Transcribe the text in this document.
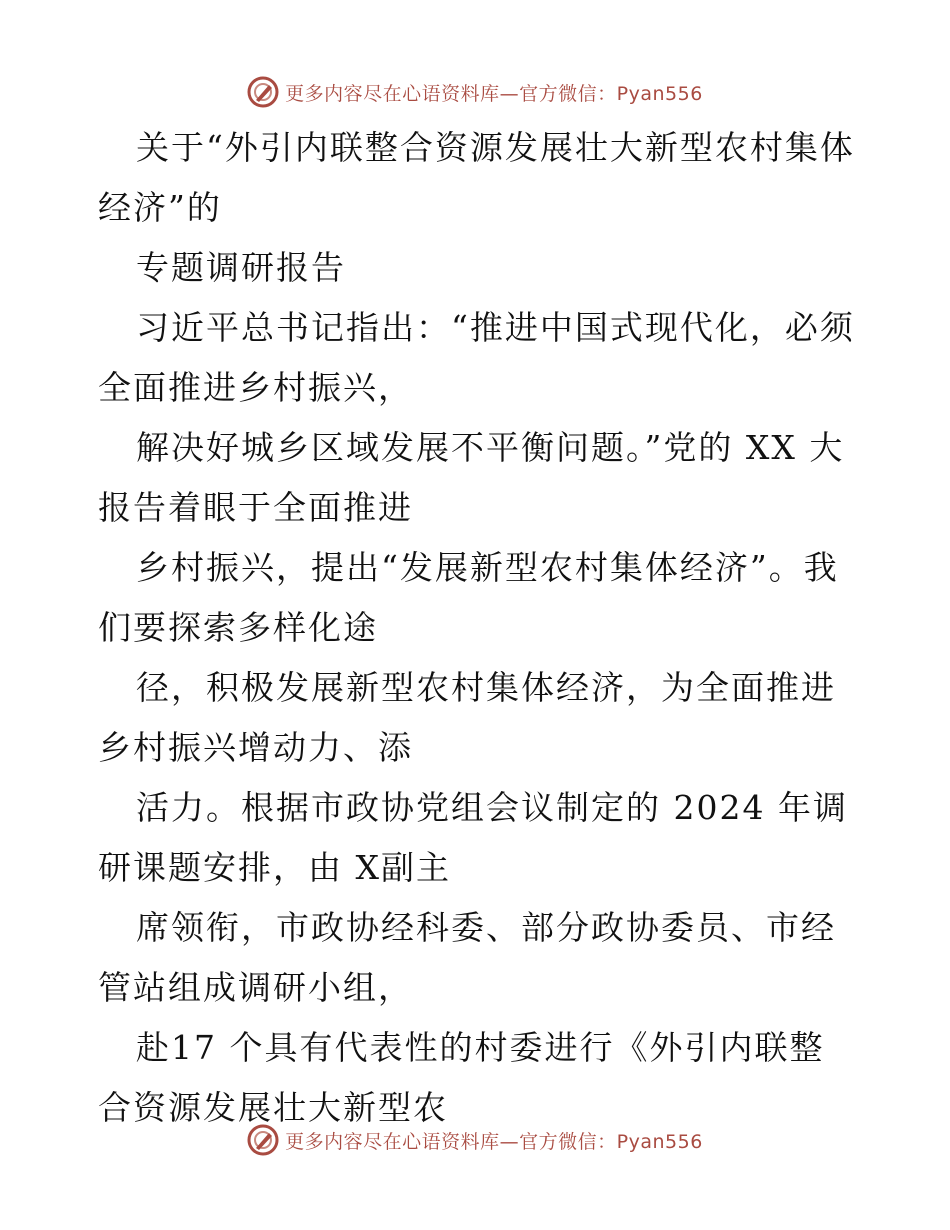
更多内容尽在心语资料库—官方微信：Pyan556

关于“外引内联整合资源发展壮大新型农村集体经济”的

专题调研报告

习近平总书记指出：“推进中国式现代化，必须全面推进乡村振兴，

解决好城乡区域发展不平衡问题。”党的 XX 大报告着眼于全面推进

乡村振兴，提出“发展新型农村集体经济”。我们要探索多样化途

径，积极发展新型农村集体经济，为全面推进乡村振兴增动力、添

活力。根据市政协党组会议制定的 2024 年调研课题安排，由 X副主

席领衔，市政协经科委、部分政协委员、市经管站组成调研小组，

赴17 个具有代表性的村委进行《外引内联整合资源发展壮大新型农

更多内容尽在心语资料库—官方微信：Pyan556
